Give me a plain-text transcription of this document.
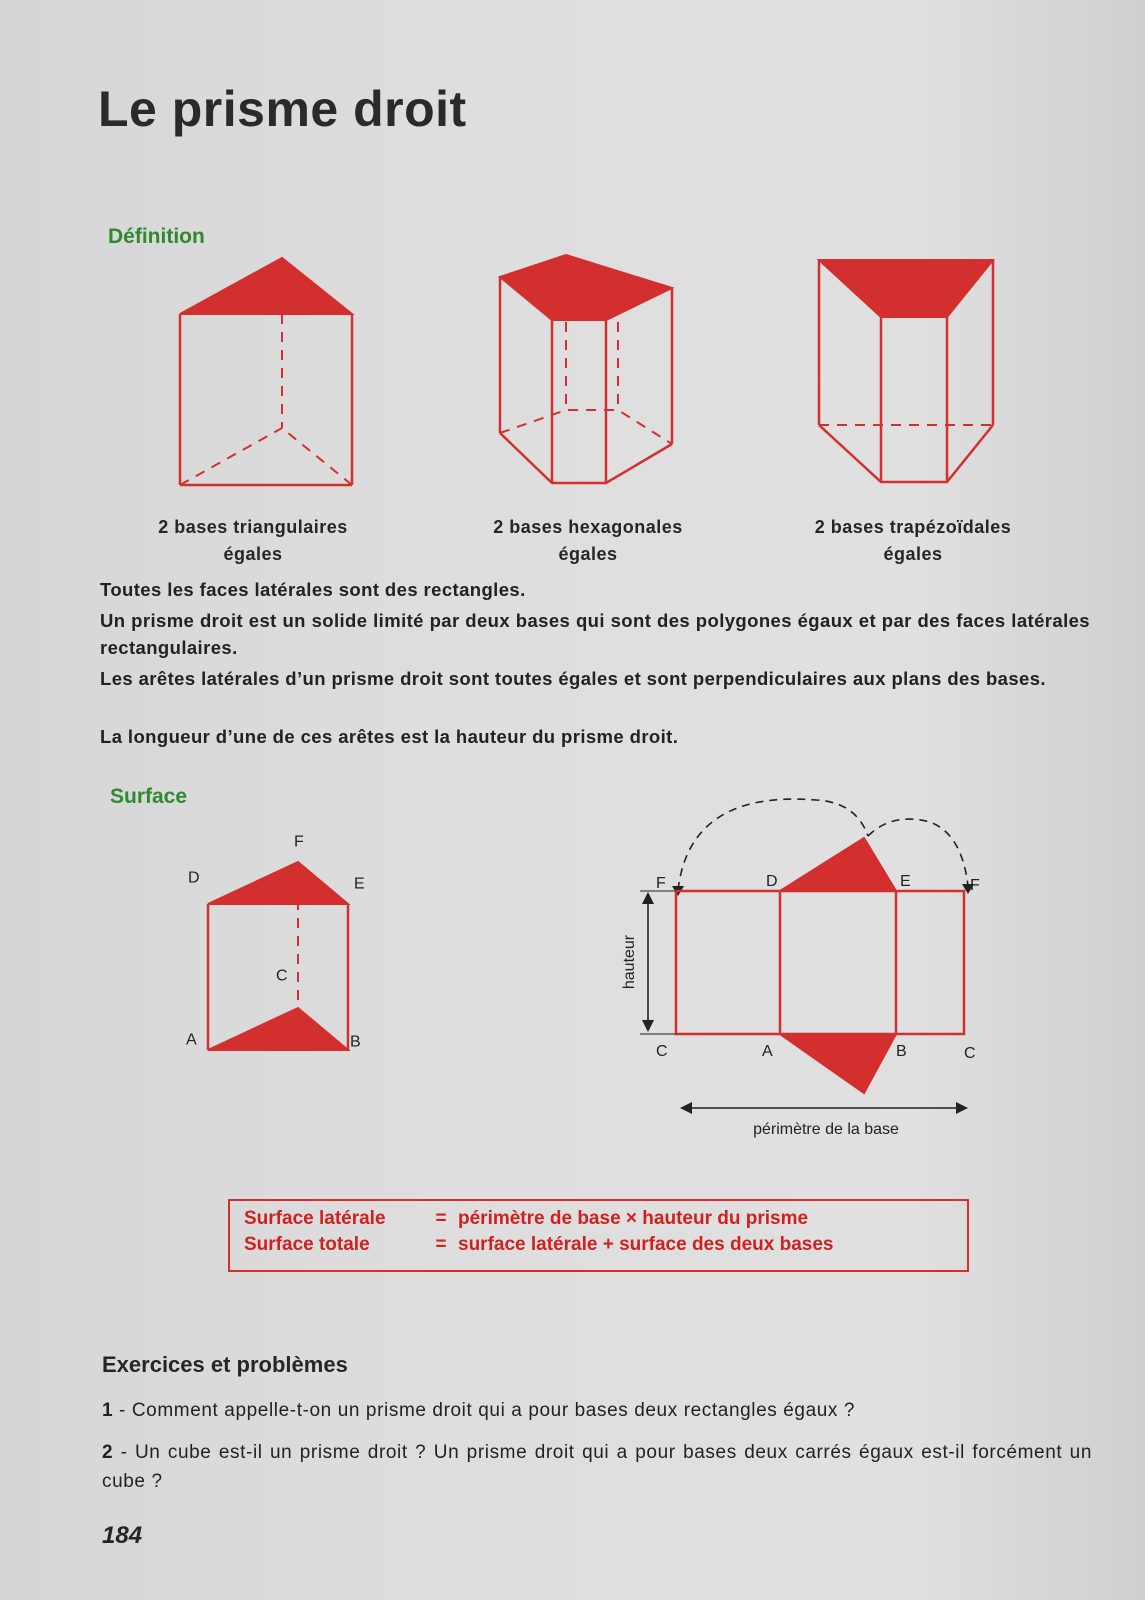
Le prisme droit
Définition
2 bases triangulaires
égales
2 bases hexagonales
égales
2 bases trapézoïdales
égales

Toutes les faces latérales sont des rectangles.

Un prisme droit est un solide limité par deux bases qui sont des polygones égaux et par des faces latérales rectangulaires.

Les arêtes latérales d’un prisme droit sont toutes égales et sont perpendiculaires aux plans des bases.

La longueur d’une de ces arêtes est la hauteur du prisme droit.

Surface
F
D	E
C
A	B
hauteur
périmètre de la base
F	D	E	F
C	A	B	C
Surface latérale	= périmètre de base × hauteur du prisme
Surface totale	= surface latérale + surface des deux bases
Exercices et problèmes

1 - Comment appelle-t-on un prisme droit qui a pour bases deux rectangles égaux ?

2 - Un cube est-il un prisme droit ? Un prisme droit qui a pour bases deux carrés égaux est-il forcément un cube ?

184
